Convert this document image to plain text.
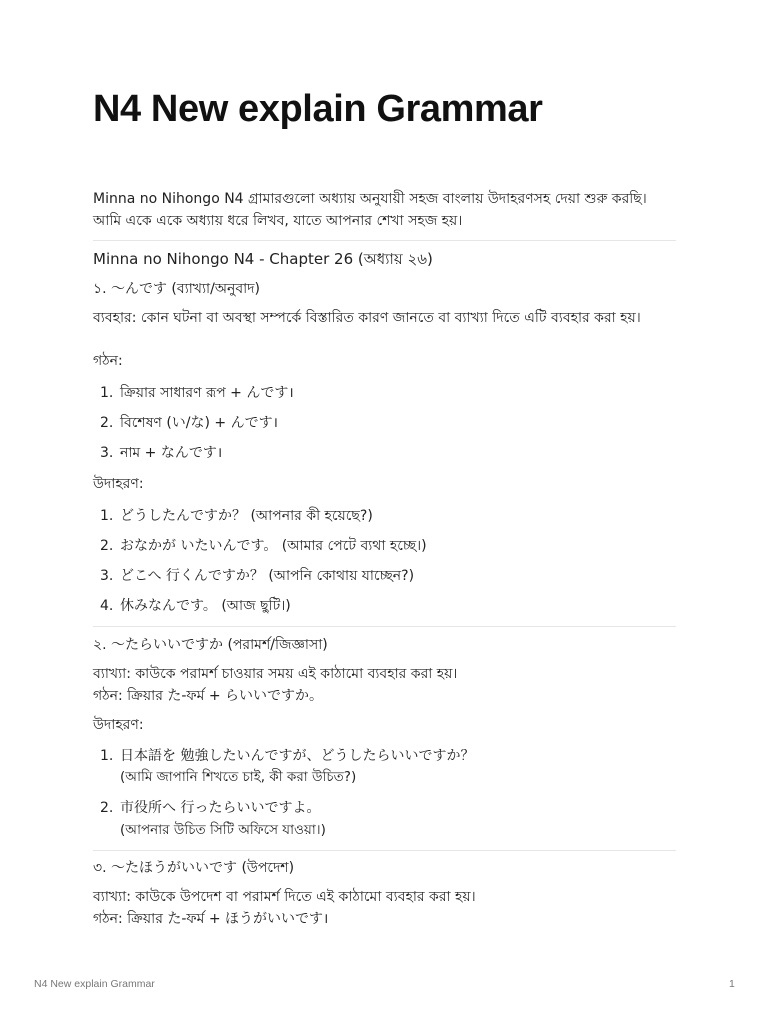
N4 New explain Grammar

Minna no Nihongo N4 গ্রামারগুলো অধ্যায় অনুযায়ী সহজ বাংলায় উদাহরণসহ দেয়া শুরু করছি। আমি একে একে অধ্যায় ধরে লিখব, যাতে আপনার শেখা সহজ হয়।

Minna no Nihongo N4 - Chapter 26 (অধ্যায় ২৬)
১. 〜んです (ব্যাখ্যা/অনুবাদ)
ব্যবহার: কোন ঘটনা বা অবস্থা সম্পর্কে বিস্তারিত কারণ জানতে বা ব্যাখ্যা দিতে এটি ব্যবহার করা হয়।
গঠন:
1. ক্রিয়ার সাধারণ রূপ + んです।
2. বিশেষণ (い/な) + んです।
3. নাম + なんです।
উদাহরণ:
1. どうしたんですか？ (আপনার কী হয়েছে?)
2. おなかが いたいんです。 (আমার পেটে ব্যথা হচ্ছে।)
3. どこへ 行くんですか？ (আপনি কোথায় যাচ্ছেন?)
4. 休みなんです。 (আজ ছুটি।)
২. 〜たらいいですか (পরামর্শ/জিজ্ঞাসা)
ব্যাখ্যা: কাউকে পরামর্শ চাওয়ার সময় এই কাঠামো ব্যবহার করা হয়।
গঠন: ক্রিয়ার た-ফর্ম + らいいですか。
উদাহরণ:
1. 日本語を 勉強したいんですが、どうしたらいいですか？
(আমি জাপানি শিখতে চাই, কী করা উচিত?)
2. 市役所へ 行ったらいいですよ。
(আপনার উচিত সিটি অফিসে যাওয়া।)
৩. 〜たほうがいいです (উপদেশ)
ব্যাখ্যা: কাউকে উপদেশ বা পরামর্শ দিতে এই কাঠামো ব্যবহার করা হয়।
গঠন: ক্রিয়ার た-ফর্ম + ほうがいいです।
N4 New explain Grammar	1
